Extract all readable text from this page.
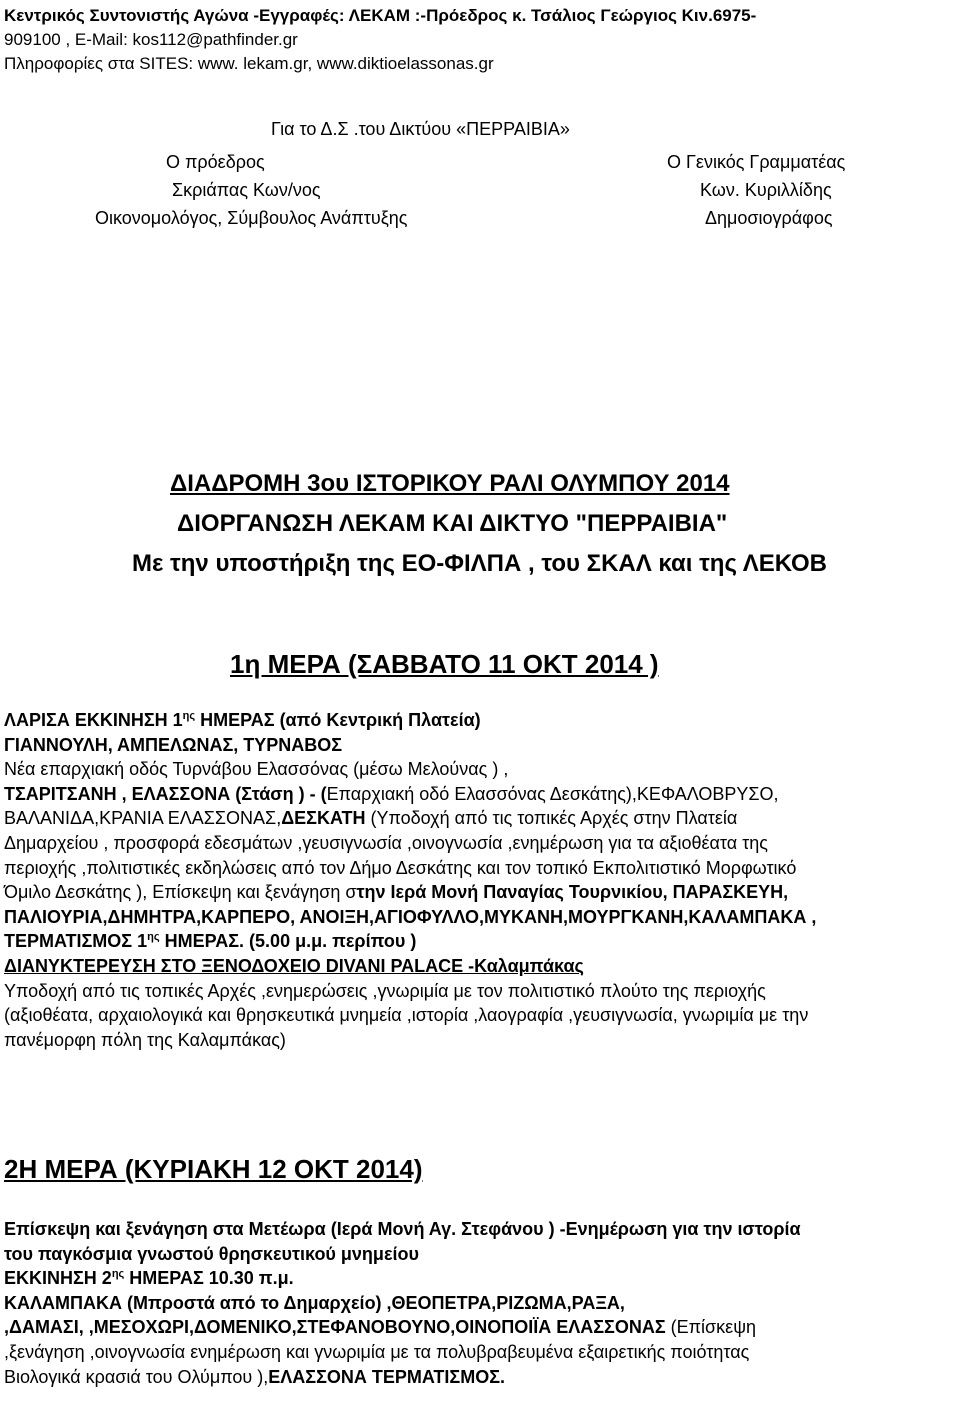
Κεντρικός Συντονιστής Αγώνα -Εγγραφές: ΛΕΚΑΜ :-Πρόεδρος κ. Τσάλιος Γεώργιος Κιν.6975-
909100 , E-Mail: kos112@pathfinder.gr
Πληροφορίες στα SITES: www. lekam.gr, www.diktioelassonas.gr
Για το Δ.Σ .του Δικτύου «ΠΕΡΡΑΙΒΙΑ»
Ο πρόεδρος
Σκριάπας Κων/νος
Οικονομολόγος, Σύμβουλος Ανάπτυξης
Ο Γενικός Γραμματέας
Κων. Κυριλλίδης
Δημοσιογράφος
ΔΙΑΔΡΟΜΗ 3ου ΙΣΤΟΡΙΚΟΥ ΡΑΛΙ ΟΛΥΜΠΟΥ 2014
ΔΙΟΡΓΑΝΩΣΗ ΛΕΚΑΜ ΚΑΙ ΔΙΚΤΥΟ "ΠΕΡΡΑΙΒΙΑ"
Με την υποστήριξη της ΕΟ-ΦΙΛΠΑ , του ΣΚΑΛ και της ΛΕΚΟΒ
1η ΜΕΡΑ (ΣΑΒΒΑΤΟ 11 ΟΚΤ 2014 )
ΛΑΡΙΣΑ ΕΚΚΙΝΗΣΗ $1^{\eta\varsigma}$ ΗΜΕΡΑΣ (από Κεντρική Πλατεία)
ΓΙΑΝΝΟΥΛΗ, ΑΜΠΕΛΩΝΑΣ, ΤΥΡΝΑΒΟΣ
Νέα επαρχιακή οδός Τυρνάβου Ελασσόνας (μέσω Μελούνας ) ,
ΤΣΑΡΙΤΣΑΝΗ , ΕΛΑΣΣΟΝΑ (Στάση ) - (Επαρχιακή οδό Ελασσόνας Δεσκάτης),ΚΕΦΑΛΟΒΡΥΣΟ,
ΒΑΛΑΝΙΔΑ,ΚΡΑΝΙΑ ΕΛΑΣΣΟΝΑΣ,ΔΕΣΚΑΤΗ (Υποδοχή από τις τοπικές Αρχές στην Πλατεία
Δημαρχείου , προσφορά εδεσμάτων ,γευσιγνωσία ,οινογνωσία ,ενημέρωση για τα αξιοθέατα της
περιοχής ,πολιτιστικές εκδηλώσεις από τον Δήμο Δεσκάτης και τον τοπικό Εκπολιτιστικό Μορφωτικό
Όμιλο Δεσκάτης ), Επίσκεψη και ξενάγηση στην Ιερά Μονή Παναγίας Τουρνικίου, ΠΑΡΑΣΚΕΥΗ,
ΠΑΛΙΟΥΡΙΑ,ΔΗΜΗΤΡΑ,ΚΑΡΠΕΡΟ, ΑΝΟΙΞΗ,ΑΓΙΟΦΥΛΛΟ,ΜΥΚΑΝΗ,ΜΟΥΡΓΚΑΝΗ,ΚΑΛΑΜΠΑΚΑ ,
ΤΕΡΜΑΤΙΣΜΟΣ $1^{\eta\varsigma}$ ΗΜΕΡΑΣ. (5.00 μ.μ. περίπου )
ΔΙΑΝΥΚΤΕΡΕΥΣΗ ΣΤΟ ΞΕΝΟΔΟΧΕΙΟ DIVANI PALACE -Καλαμπάκας
Υποδοχή από τις τοπικές Αρχές ,ενημερώσεις ,γνωριμία με τον πολιτιστικό πλούτο της περιοχής
(αξιοθέατα, αρχαιολογικά και θρησκευτικά μνημεία ,ιστορία ,λαογραφία ,γευσιγνωσία, γνωριμία με την
πανέμορφη πόλη της Καλαμπάκας)
2Η ΜΕΡΑ (ΚΥΡΙΑΚΗ 12 ΟΚΤ 2014)
Επίσκεψη και ξενάγηση στα Μετέωρα (Ιερά Μονή Αγ. Στεφάνου ) -Ενημέρωση για την ιστορία
του παγκόσμια γνωστού θρησκευτικού μνημείου
ΕΚΚΙΝΗΣΗ $2^{\eta\varsigma}$ ΗΜΕΡΑΣ 10.30 π.μ.
ΚΑΛΑΜΠΑΚΑ (Μπροστά από το Δημαρχείο) ,ΘΕΟΠΕΤΡΑ,ΡΙΖΩΜΑ,ΡΑΞΑ,
,ΔΑΜΑΣΙ, ,ΜΕΣΟΧΩΡΙ,ΔΟΜΕΝΙΚΟ,ΣΤΕΦΑΝΟΒΟΥΝΟ,ΟΙΝΟΠΟΙΪΑ ΕΛΑΣΣΟΝΑΣ (Επίσκεψη
,ξενάγηση ,οινογνωσία ενημέρωση και γνωριμία με τα πολυβραβευμένα εξαιρετικής ποιότητας
Βιολογικά κρασιά του Ολύμπου ),ΕΛΑΣΣΟΝΑ ΤΕΡΜΑΤΙΣΜΟΣ.
